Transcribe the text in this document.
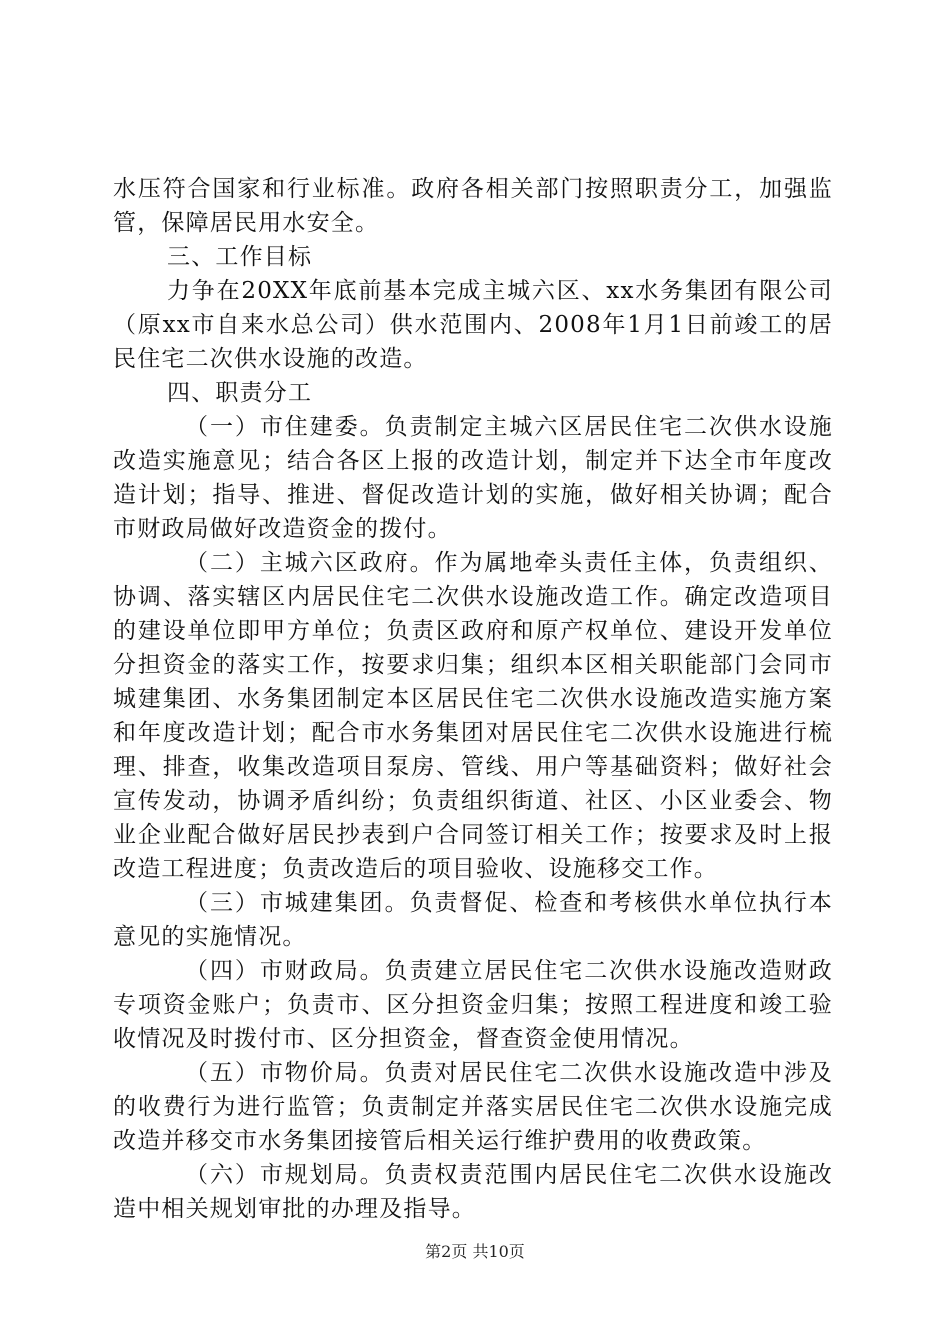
水压符合国家和行业标准。政府各相关部门按照职责分工，加强监管，保障居民用水安全。

三、工作目标

力争在20XX年底前基本完成主城六区、xx水务集团有限公司（原xx市自来水总公司）供水范围内、2008年1月1日前竣工的居民住宅二次供水设施的改造。

四、职责分工

（一）市住建委。负责制定主城六区居民住宅二次供水设施改造实施意见；结合各区上报的改造计划，制定并下达全市年度改造计划；指导、推进、督促改造计划的实施，做好相关协调；配合市财政局做好改造资金的拨付。

（二）主城六区政府。作为属地牵头责任主体，负责组织、协调、落实辖区内居民住宅二次供水设施改造工作。确定改造项目的建设单位即甲方单位；负责区政府和原产权单位、建设开发单位分担资金的落实工作，按要求归集；组织本区相关职能部门会同市城建集团、水务集团制定本区居民住宅二次供水设施改造实施方案和年度改造计划；配合市水务集团对居民住宅二次供水设施进行梳理、排查，收集改造项目泵房、管线、用户等基础资料；做好社会宣传发动，协调矛盾纠纷；负责组织街道、社区、小区业委会、物业企业配合做好居民抄表到户合同签订相关工作；按要求及时上报改造工程进度；负责改造后的项目验收、设施移交工作。

（三）市城建集团。负责督促、检查和考核供水单位执行本意见的实施情况。

（四）市财政局。负责建立居民住宅二次供水设施改造财政专项资金账户；负责市、区分担资金归集；按照工程进度和竣工验收情况及时拨付市、区分担资金，督查资金使用情况。

（五）市物价局。负责对居民住宅二次供水设施改造中涉及的收费行为进行监管；负责制定并落实居民住宅二次供水设施完成改造并移交市水务集团接管后相关运行维护费用的收费政策。

（六）市规划局。负责权责范围内居民住宅二次供水设施改造中相关规划审批的办理及指导。

第2页 共10页
